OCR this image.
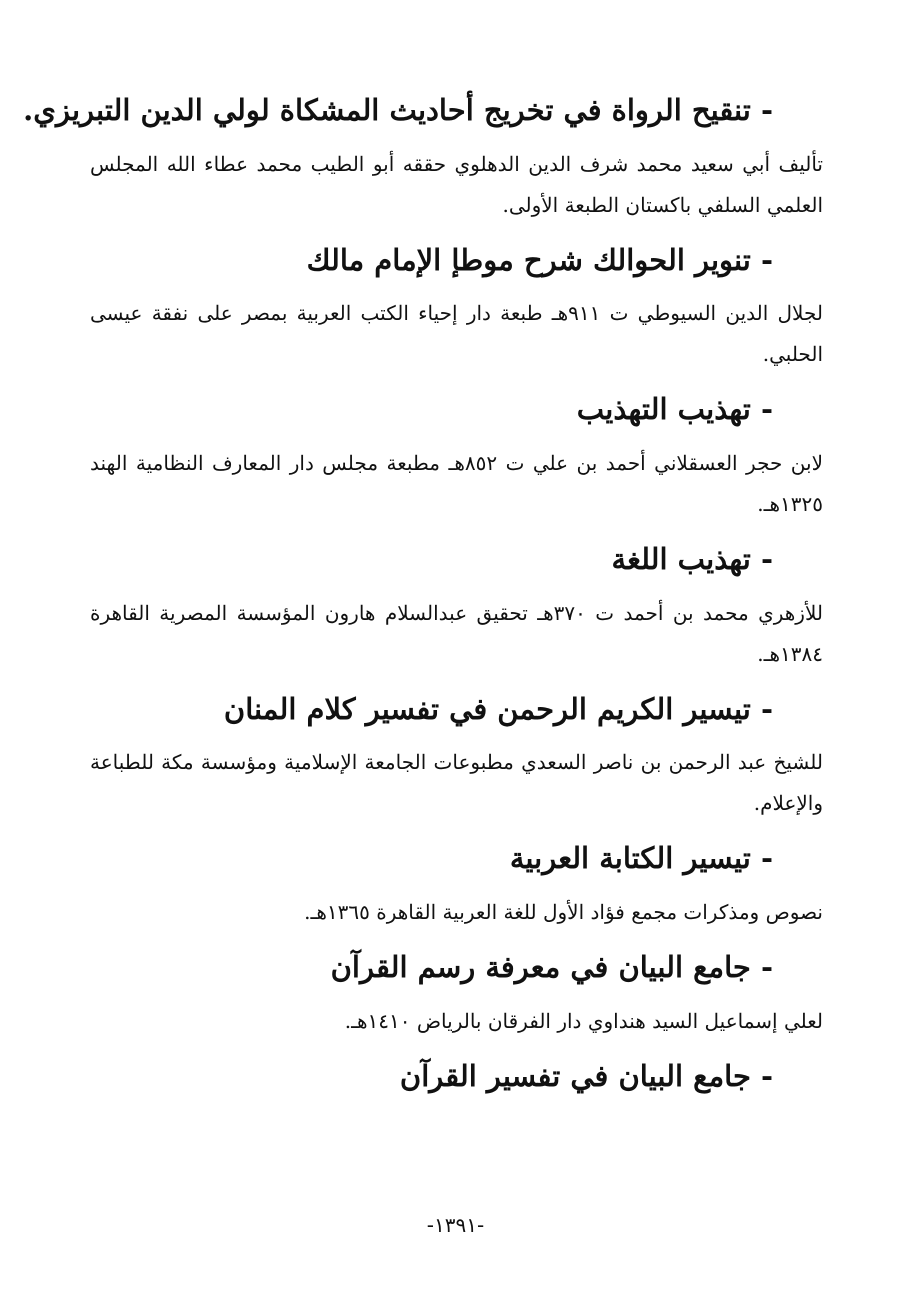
- تنقيح الرواة في تخريج أحاديث المشكاة لولي الدين التبريزي.
تأليف أبي سعيد محمد شرف الدين الدهلوي حققه أبو الطيب محمد عطاء الله المجلس العلمي السلفي باكستان الطبعة الأولى.
- تنوير الحوالك شرح موطإ الإمام مالك
لجلال الدين السيوطي ت ٩١١هـ طبعة دار إحياء الكتب العربية بمصر على نفقة عيسى الحلبي.
- تهذيب التهذيب
لابن حجر العسقلاني أحمد بن علي ت ٨٥٢هـ مطبعة مجلس دار المعارف النظامية الهند ١٣٢٥هـ.
- تهذيب اللغة
للأزهري محمد بن أحمد ت ٣٧٠هـ تحقيق عبدالسلام هارون المؤسسة المصرية القاهرة ١٣٨٤هـ.
- تيسير الكريم الرحمن في تفسير كلام المنان
للشيخ عبد الرحمن بن ناصر السعدي مطبوعات الجامعة الإسلامية ومؤسسة مكة للطباعة والإعلام.
- تيسير الكتابة العربية
نصوص ومذكرات مجمع فؤاد الأول للغة العربية القاهرة ١٣٦٥هـ.
- جامع البيان في معرفة رسم القرآن
لعلي إسماعيل السيد هنداوي دار الفرقان بالرياض ١٤١٠هـ.
- جامع البيان في تفسير القرآن
-١٣٩١-
